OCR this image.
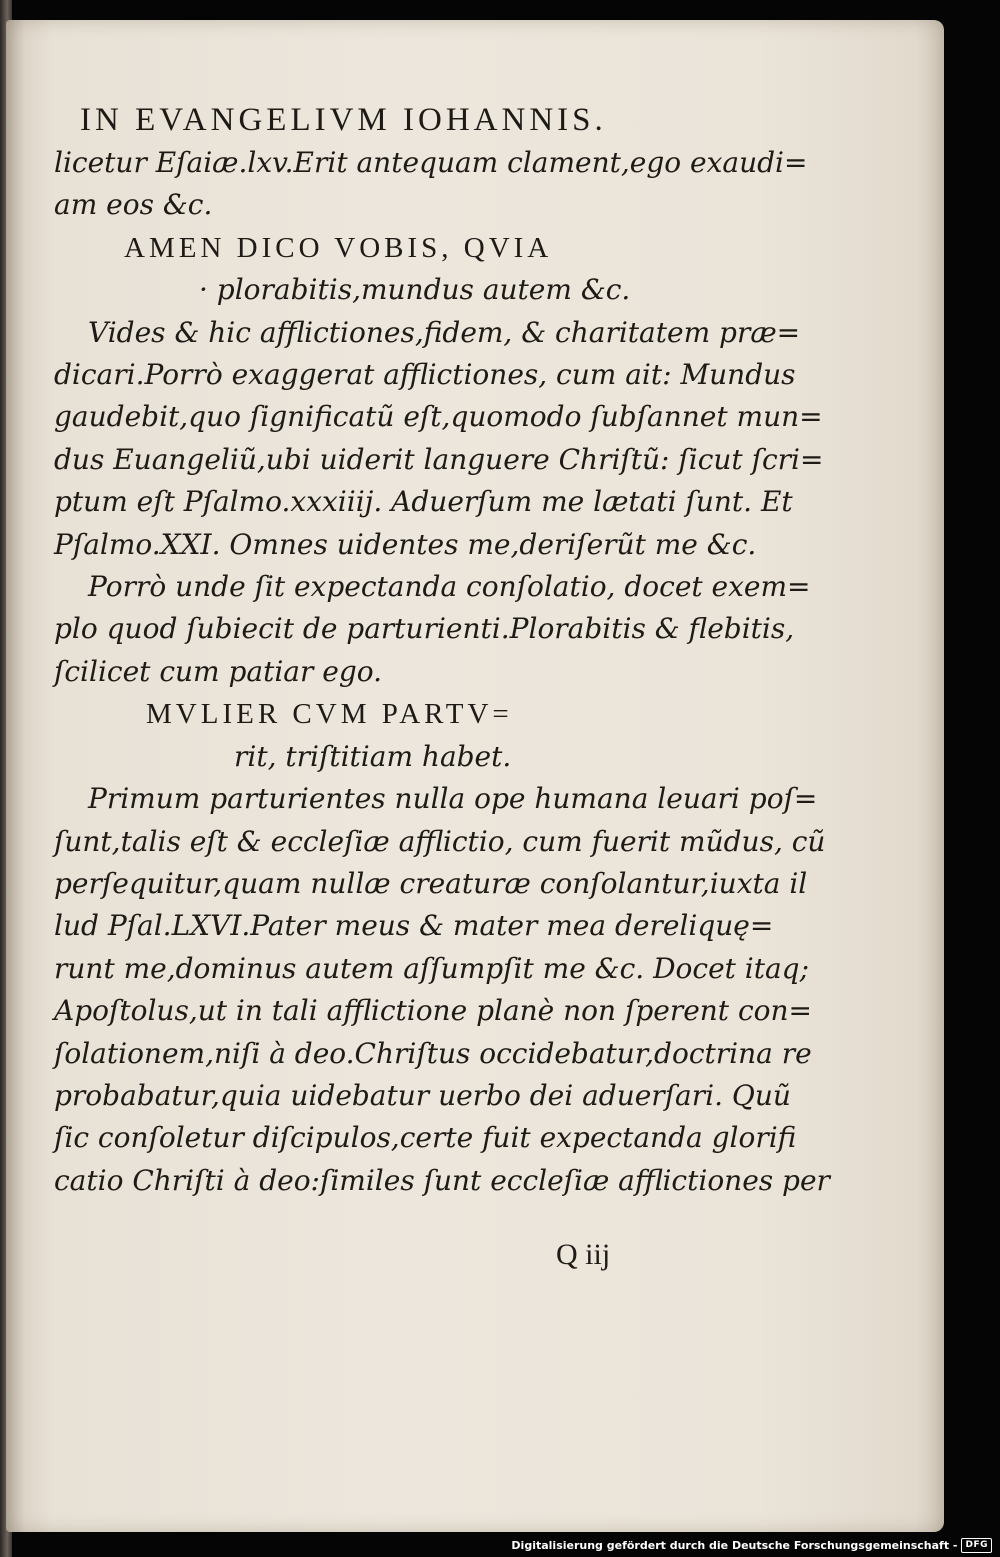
IN EVANGELIVM IOHANNIS.
licetur Eſaiæ.lxv.Erit antequam clament,ego exaudi=
am eos &c.
AMEN DICO VOBIS, QVIA
· plorabitis,mundus autem &c.
Vides & hic afflictiones,fidem, & charitatem præ=
dicari.Porrò exaggerat afflictiones, cum ait: Mundus
gaudebit,quo ſignificatũ eſt,quomodo ſubſannet mun=
dus Euangeliũ,ubi uiderit languere Chriſtũ: ſicut ſcri=
ptum eſt Pſalmo.xxxiiij. Aduerſum me lætati ſunt. Et
Pſalmo.XXI. Omnes uidentes me,deriſerũt me &c.
Porrò unde ſit expectanda conſolatio, docet exem=
plo quod ſubiecit de parturienti.Plorabitis & flebitis,
ſcilicet cum patiar ego.
MVLIER CVM PARTV=
rit, triſtitiam habet.
Primum parturientes nulla ope humana leuari poſ=
ſunt,talis eſt & eccleſiæ afflictio, cum fuerit mũdus, cũ
perſequitur,quam nullæ creaturæ conſolantur,iuxta il
lud Pſal.LXVI.Pater meus & mater mea dereliquę=
runt me,dominus autem aſſumpſit me &c. Docet itaq;
Apoſtolus,ut in tali afflictione planè non ſperent con=
ſolationem,niſi à deo.Chriſtus occidebatur,doctrina re
probabatur,quia uidebatur uerbo dei aduerſari. Quũ
ſic conſoletur diſcipulos,certe fuit expectanda glorifi
catio Chriſti à deo:ſimiles ſunt eccleſiæ afflictiones per
Q iij
Digitalisierung gefördert durch die Deutsche Forschungsgemeinschaft - DFG
